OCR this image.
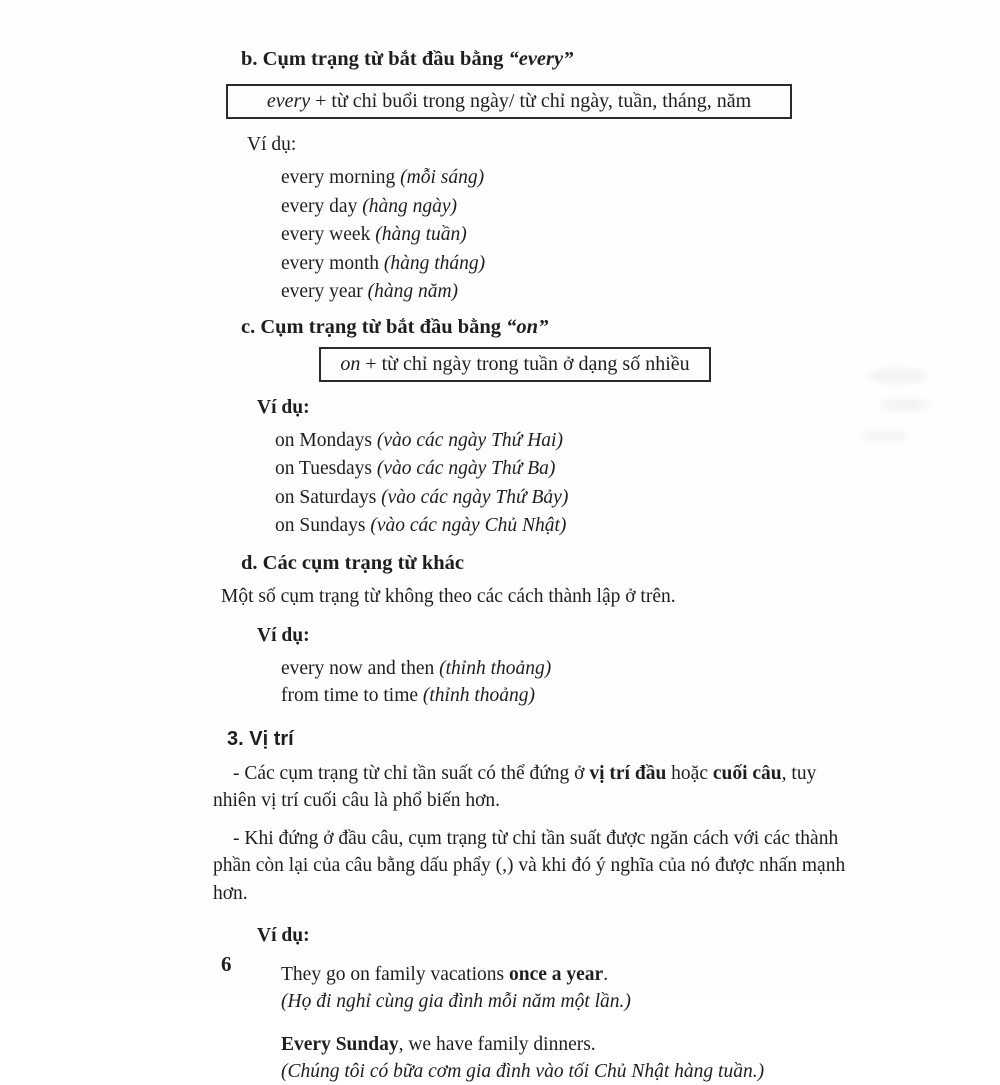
b. Cụm trạng từ bắt đầu bằng “every”
every + từ chỉ buổi trong ngày/ từ chỉ ngày, tuần, tháng, năm
Ví dụ:
every morning (mỗi sáng)
every day (hàng ngày)
every week (hàng tuần)
every month (hàng tháng)
every year (hàng năm)
c. Cụm trạng từ bắt đầu bằng “on”
on + từ chỉ ngày trong tuần ở dạng số nhiều
Ví dụ:
on Mondays (vào các ngày Thứ Hai)
on Tuesdays (vào các ngày Thứ Ba)
on Saturdays (vào các ngày Thứ Bảy)
on Sundays (vào các ngày Chủ Nhật)
d. Các cụm trạng từ khác
Một số cụm trạng từ không theo các cách thành lập ở trên.
Ví dụ:
every now and then (thỉnh thoảng)
from time to time (thỉnh thoảng)
3. Vị trí
- Các cụm trạng từ chỉ tần suất có thể đứng ở vị trí đầu hoặc cuối câu, tuy nhiên vị trí cuối câu là phổ biến hơn.
- Khi đứng ở đầu câu, cụm trạng từ chỉ tần suất được ngăn cách với các thành phần còn lại của câu bằng dấu phẩy (,) và khi đó ý nghĩa của nó được nhấn mạnh hơn.
Ví dụ:
They go on family vacations once a year.
(Họ đi nghỉ cùng gia đình mỗi năm một lần.)
Every Sunday, we have family dinners.
(Chúng tôi có bữa cơm gia đình vào tối Chủ Nhật hàng tuần.)
6
